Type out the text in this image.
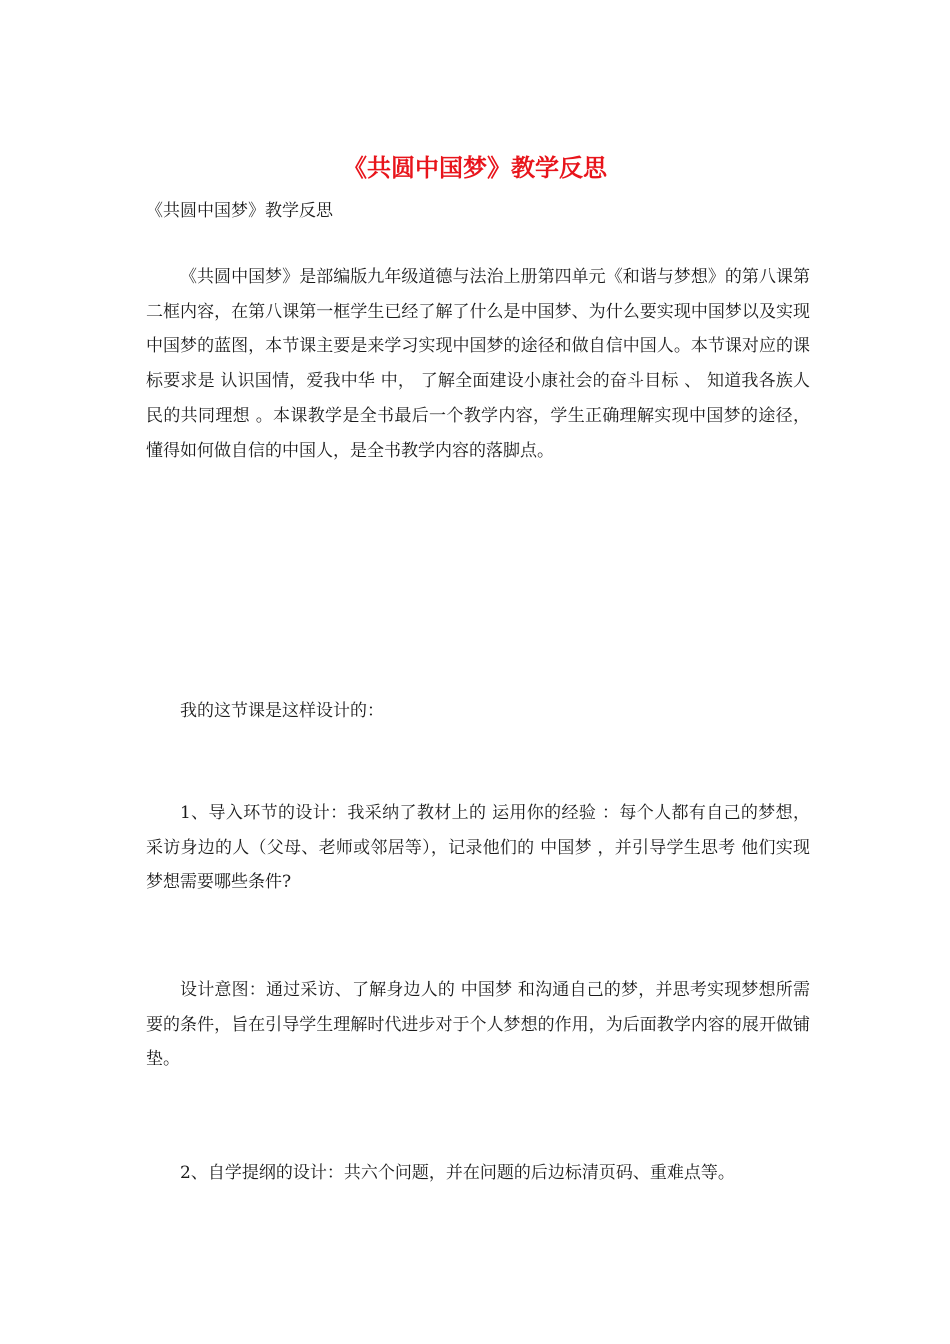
《共圆中国梦》教学反思
《共圆中国梦》教学反思
《共圆中国梦》是部编版九年级道德与法治上册第四单元《和谐与梦想》的第八课第二框内容，在第八课第一框学生已经了解了什么是中国梦、为什么要实现中国梦以及实现中国梦的蓝图，本节课主要是来学习实现中国梦的途径和做自信中国人。本节课对应的课标要求是 认识国情，爱我中华 中， 了解全面建设小康社会的奋斗目标 、 知道我各族人民的共同理想 。本课教学是全书最后一个教学内容，学生正确理解实现中国梦的途径，懂得如何做自信的中国人，是全书教学内容的落脚点。
我的这节课是这样设计的：
1、导入环节的设计：我采纳了教材上的 运用你的经验 ：每个人都有自己的梦想，采访身边的人（父母、老师或邻居等），记录他们的 中国梦 ，并引导学生思考 他们实现梦想需要哪些条件?
设计意图：通过采访、了解身边人的 中国梦 和沟通自己的梦，并思考实现梦想所需要的条件，旨在引导学生理解时代进步对于个人梦想的作用，为后面教学内容的展开做铺垫。
2、自学提纲的设计：共六个问题，并在问题的后边标清页码、重难点等。
